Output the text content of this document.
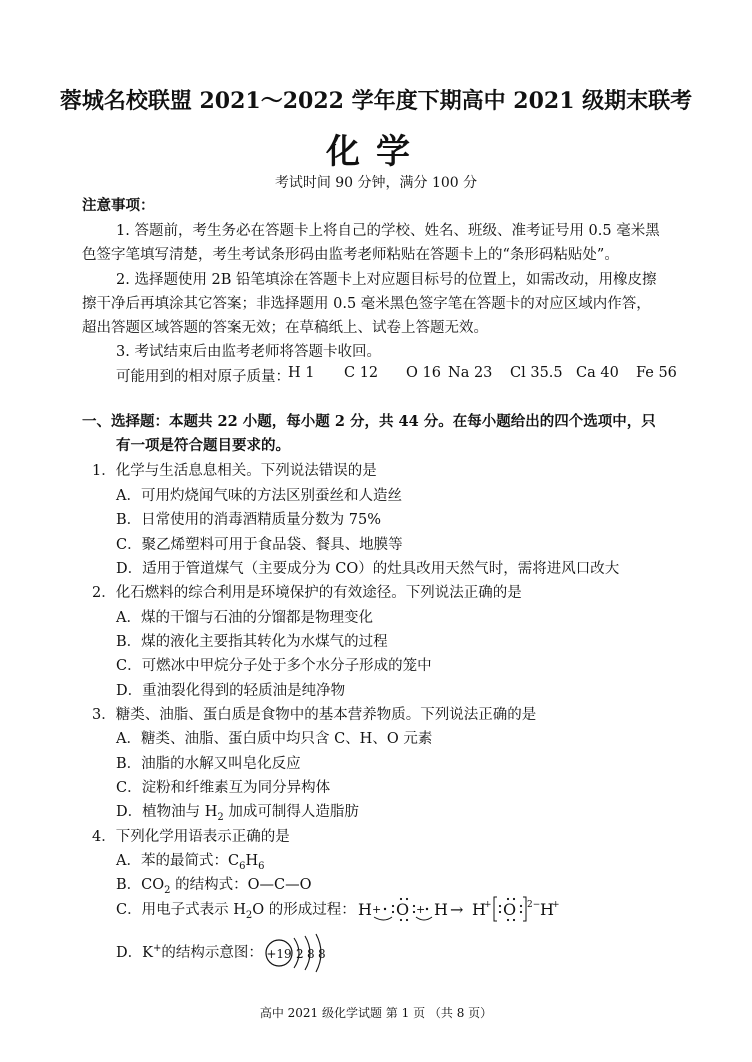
蓉城名校联盟 2021～2022 学年度下期高中 2021 级期末联考
化学
考试时间 90 分钟，满分 100 分
注意事项：
1. 答题前，考生务必在答题卡上将自己的学校、姓名、班级、准考证号用 0.5 毫米黑
色签字笔填写清楚，考生考试条形码由监考老师粘贴在答题卡上的“条形码粘贴处”。
2. 选择题使用 2B 铅笔填涂在答题卡上对应题目标号的位置上，如需改动，用橡皮擦
擦干净后再填涂其它答案；非选择题用 0.5 毫米黑色签字笔在答题卡的对应区域内作答，
超出答题区域答题的答案无效；在草稿纸上、试卷上答题无效。
3. 考试结束后由监考老师将答题卡收回。
可能用到的相对原子质量：
H 1 C 12 O 16 Na 23 Cl 35.5 Ca 40 Fe 56
一、选择题：本题共 22 小题，每小题 2 分，共 44 分。在每小题给出的四个选项中，只
有一项是符合题目要求的。
1．化学与生活息息相关。下列说法错误的是
A．可用灼烧闻气味的方法区别蚕丝和人造丝
B．日常使用的消毒酒精质量分数为 75%
C．聚乙烯塑料可用于食品袋、餐具、地膜等
D．适用于管道煤气（主要成分为 CO）的灶具改用天然气时，需将进风口改大
2．化石燃料的综合利用是环境保护的有效途径。下列说法正确的是
A．煤的干馏与石油的分馏都是物理变化
B．煤的液化主要指其转化为水煤气的过程
C．可燃冰中甲烷分子处于多个水分子形成的笼中
D．重油裂化得到的轻质油是纯净物
3．糖类、油脂、蛋白质是食物中的基本营养物质。下列说法正确的是
A．糖类、油脂、蛋白质中均只含 C、H、O 元素
B．油脂的水解又叫皂化反应
C．淀粉和纤维素互为同分异构体
D．植物油与 $H_2$ 加成可制得人造脂肪
4．下列化学用语表示正确的是
A．苯的最简式：$C_6H_6$
B．$CO_2$ 的结构式：O—C—O
C．用电子式表示 $H_2O$ 的形成过程： H + O + H → H
+ O 2− H
+
D．K+的结构示意图： +19 2 8 8
高中 2021 级化学试题 第 1 页 （共 8 页）
